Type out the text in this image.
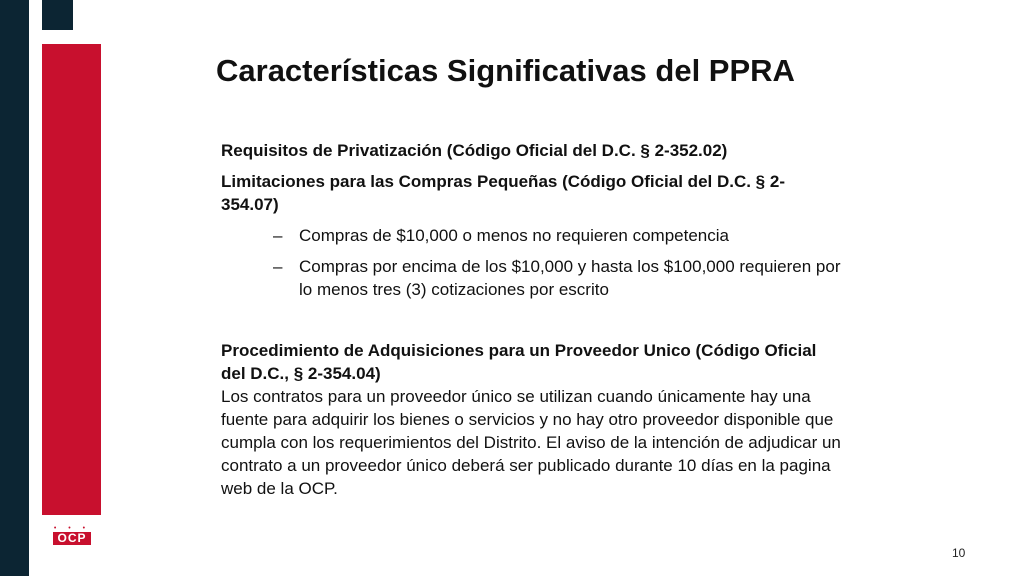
• • •
OCP
Características Significativas del PPRA

Requisitos de Privatización (Código Oficial del D.C. § 2-352.02)

Limitaciones para las Compras Pequeñas (Código Oficial del D.C. § 2-354.07)

– Compras de $10,000 o menos no requieren competencia
– Compras por encima de los $10,000 y hasta los $100,000 requieren por lo menos tres (3) cotizaciones por escrito

Procedimiento de Adquisiciones para un Proveedor Unico (Código Oficial del D.C., § 2-354.04)

Los contratos para un proveedor único se utilizan cuando únicamente hay una fuente para adquirir los bienes o servicios y no hay otro proveedor disponible que cumpla con los requerimientos del Distrito. El aviso de la intención de adjudicar un contrato a un proveedor único deberá ser publicado durante 10 días en la pagina web de la OCP.

10
